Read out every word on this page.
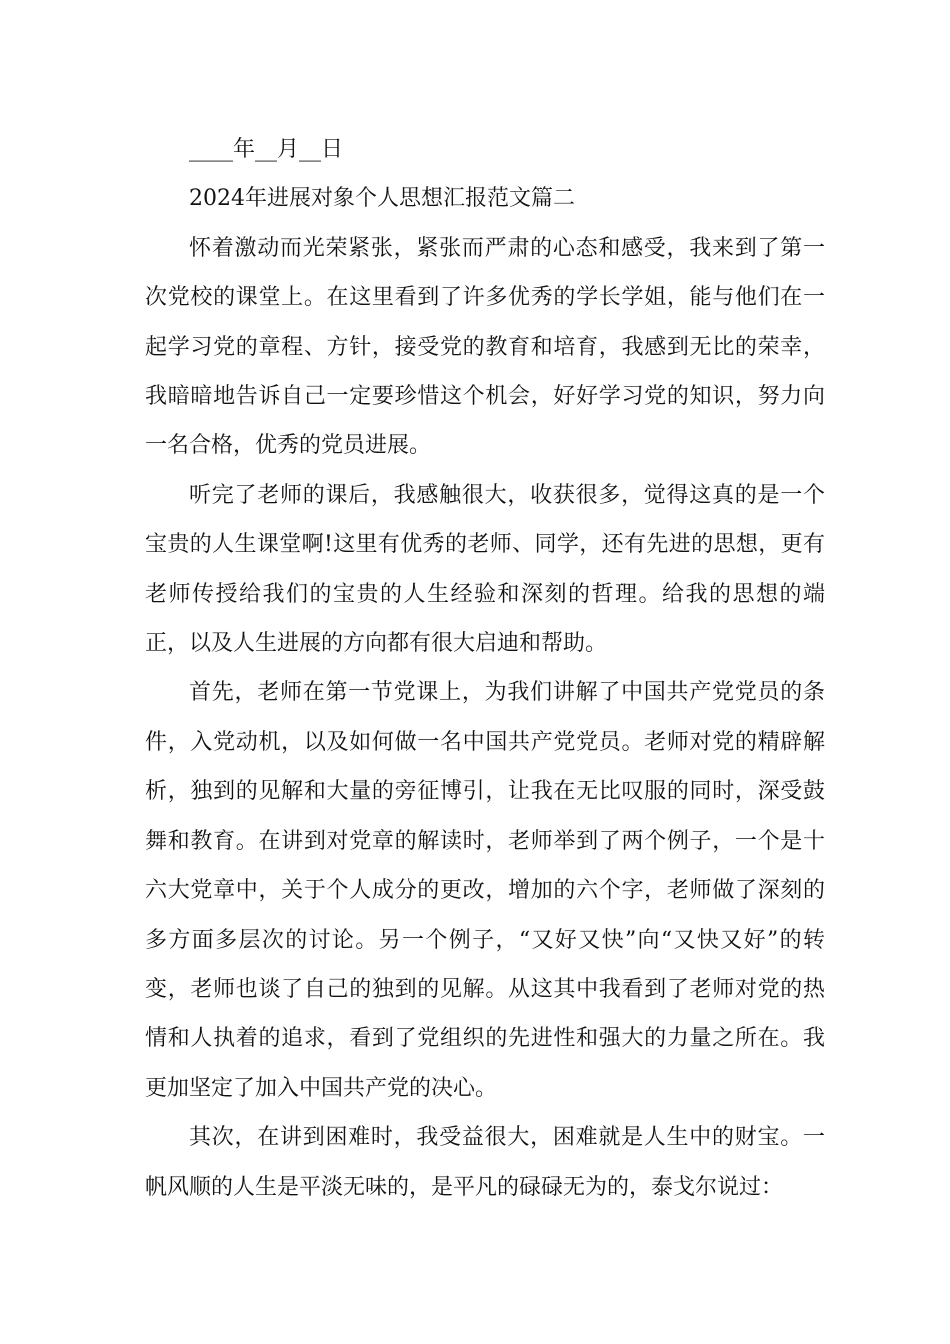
____年__月__日

2024年进展对象个人思想汇报范文篇二

怀着激动而光荣紧张，紧张而严肃的心态和感受，我来到了第一次党校的课堂上。在这里看到了许多优秀的学长学姐，能与他们在一起学习党的章程、方针，接受党的教育和培育，我感到无比的荣幸，我暗暗地告诉自己一定要珍惜这个机会，好好学习党的知识，努力向一名合格，优秀的党员进展。

听完了老师的课后，我感触很大，收获很多，觉得这真的是一个宝贵的人生课堂啊!这里有优秀的老师、同学，还有先进的思想，更有老师传授给我们的宝贵的人生经验和深刻的哲理。给我的思想的端正，以及人生进展的方向都有很大启迪和帮助。

首先，老师在第一节党课上，为我们讲解了中国共产党党员的条件，入党动机，以及如何做一名中国共产党党员。老师对党的精辟解析，独到的见解和大量的旁征博引，让我在无比叹服的同时，深受鼓舞和教育。在讲到对党章的解读时，老师举到了两个例子，一个是十六大党章中，关于个人成分的更改，增加的六个字，老师做了深刻的多方面多层次的讨论。另一个例子，“又好又快”向“又快又好”的转变，老师也谈了自己的独到的见解。从这其中我看到了老师对党的热情和人执着的追求，看到了党组织的先进性和强大的力量之所在。我更加坚定了加入中国共产党的决心。

其次，在讲到困难时，我受益很大，困难就是人生中的财宝。一帆风顺的人生是平淡无味的，是平凡的碌碌无为的，泰戈尔说过：
